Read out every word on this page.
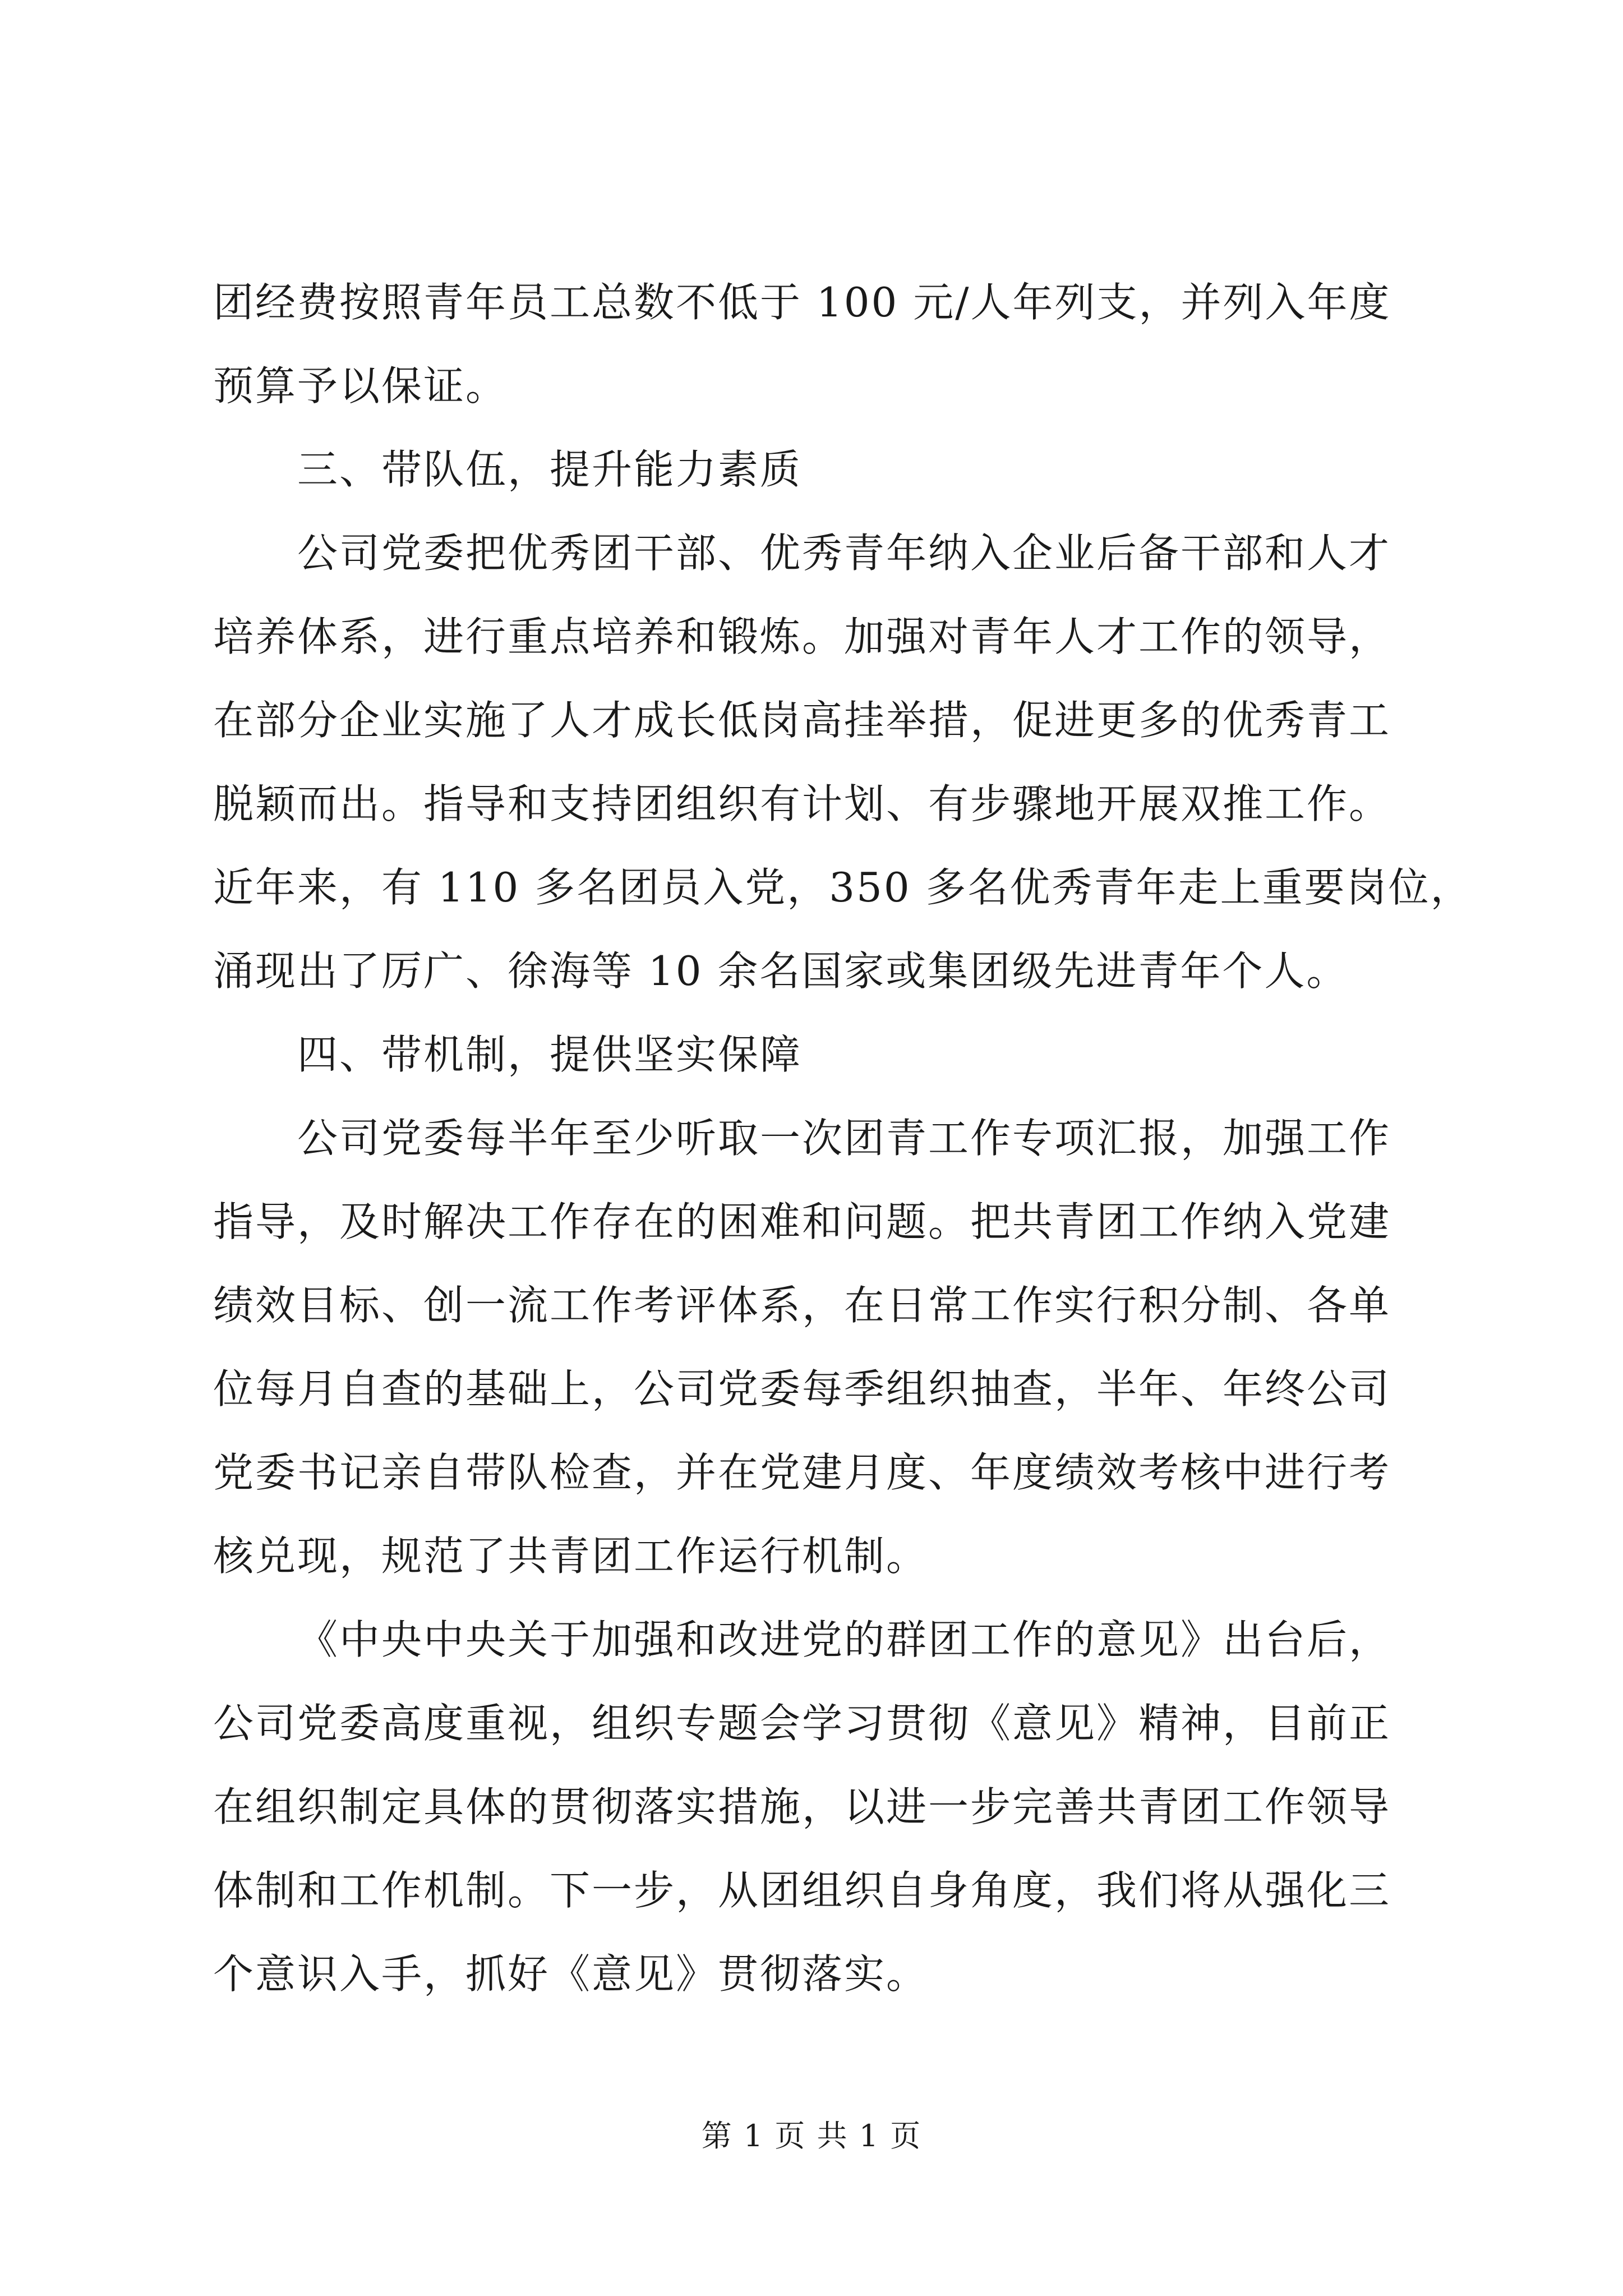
团经费按照青年员工总数不低于 100 元/人年列支，并列入年度
预算予以保证。
三、带队伍，提升能力素质
公司党委把优秀团干部、优秀青年纳入企业后备干部和人才
培养体系，进行重点培养和锻炼。加强对青年人才工作的领导，
在部分企业实施了人才成长低岗高挂举措，促进更多的优秀青工
脱颖而出。指导和支持团组织有计划、有步骤地开展双推工作。
近年来，有 110 多名团员入党，350 多名优秀青年走上重要岗位，
涌现出了厉广、徐海等 10 余名国家或集团级先进青年个人。
四、带机制，提供坚实保障
公司党委每半年至少听取一次团青工作专项汇报，加强工作
指导，及时解决工作存在的困难和问题。把共青团工作纳入党建
绩效目标、创一流工作考评体系，在日常工作实行积分制、各单
位每月自查的基础上，公司党委每季组织抽查，半年、年终公司
党委书记亲自带队检查，并在党建月度、年度绩效考核中进行考
核兑现，规范了共青团工作运行机制。
《中央中央关于加强和改进党的群团工作的意见》出台后，
公司党委高度重视，组织专题会学习贯彻《意见》精神，目前正
在组织制定具体的贯彻落实措施，以进一步完善共青团工作领导
体制和工作机制。下一步，从团组织自身角度，我们将从强化三
个意识入手，抓好《意见》贯彻落实。
第 1 页 共 1 页
